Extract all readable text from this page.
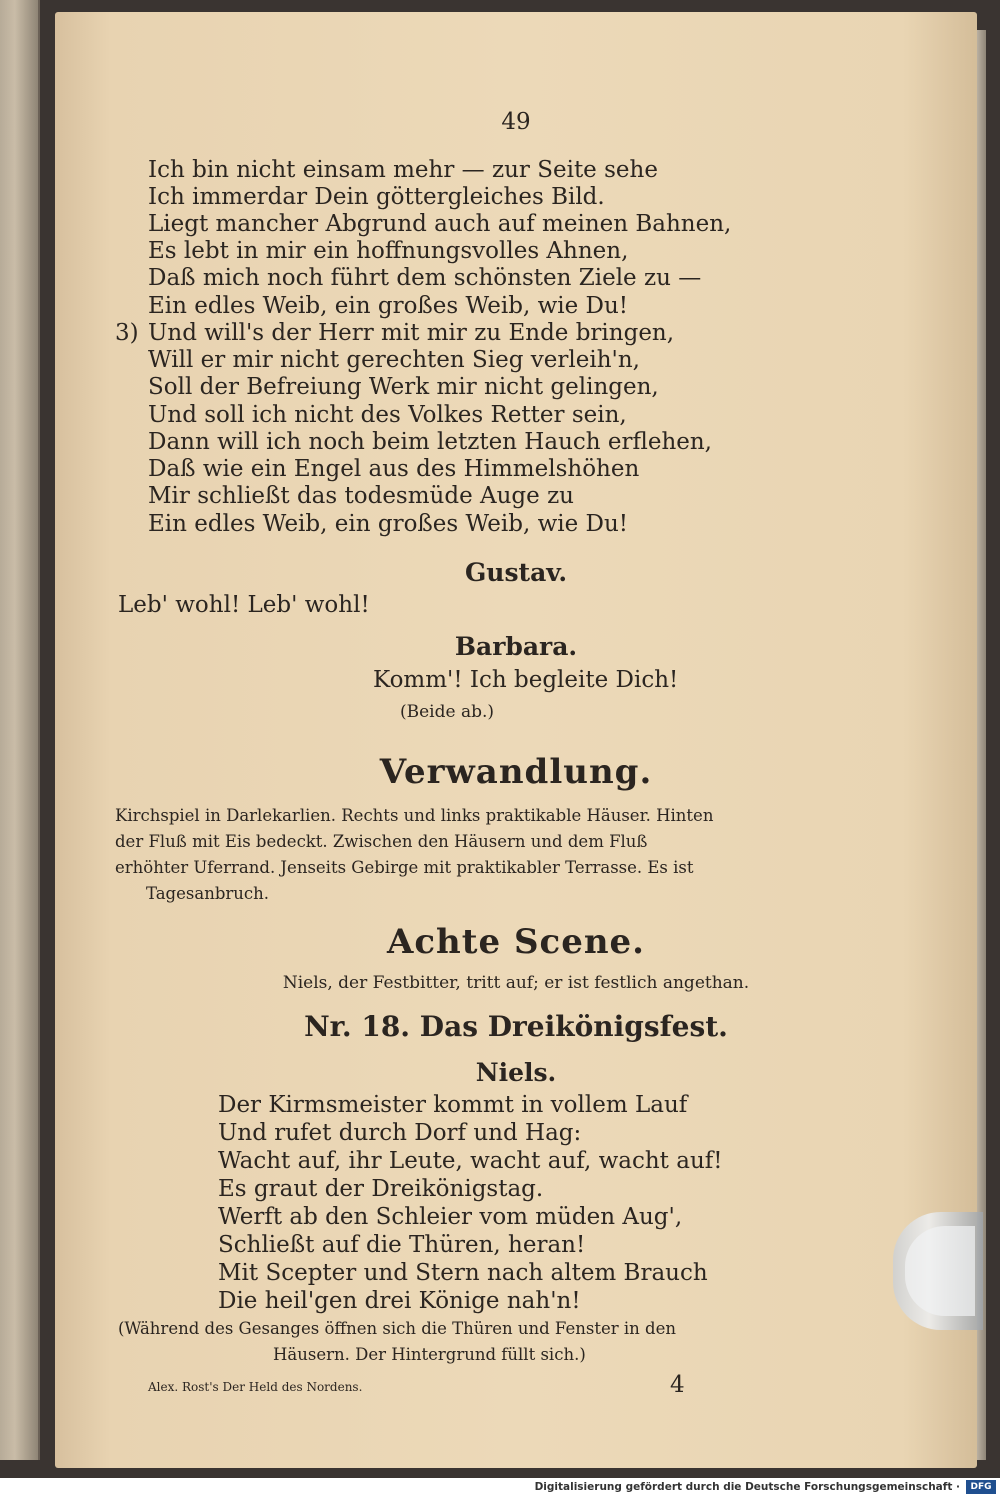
49
Ich bin nicht einsam mehr — zur Seite sehe
Ich immerdar Dein göttergleiches Bild.
Liegt mancher Abgrund auch auf meinen Bahnen,
Es lebt in mir ein hoffnungsvolles Ahnen,
Daß mich noch führt dem schönsten Ziele zu —
Ein edles Weib, ein großes Weib, wie Du!
3) Und will's der Herr mit mir zu Ende bringen,
Will er mir nicht gerechten Sieg verleih'n,
Soll der Befreiung Werk mir nicht gelingen,
Und soll ich nicht des Volkes Retter sein,
Dann will ich noch beim letzten Hauch erflehen,
Daß wie ein Engel aus des Himmelshöhen
Mir schließt das todesmüde Auge zu
Ein edles Weib, ein großes Weib, wie Du!
Gustav.
Leb' wohl! Leb' wohl!
Barbara.
Komm'! Ich begleite Dich!
(Beide ab.)
Verwandlung.
Kirchspiel in Darlekarlien. Rechts und links praktikable Häuser. Hinten
der Fluß mit Eis bedeckt. Zwischen den Häusern und dem Fluß
erhöhter Uferrand. Jenseits Gebirge mit praktikabler Terrasse. Es ist
Tagesanbruch.
Achte Scene.
Niels, der Festbitter, tritt auf; er ist festlich angethan.
Nr. 18. Das Dreikönigsfest.
Niels.
Der Kirmsmeister kommt in vollem Lauf
Und rufet durch Dorf und Hag:
Wacht auf, ihr Leute, wacht auf, wacht auf!
Es graut der Dreikönigstag.
Werft ab den Schleier vom müden Aug',
Schließt auf die Thüren, heran!
Mit Scepter und Stern nach altem Brauch
Die heil'gen drei Könige nah'n!
(Während des Gesanges öffnen sich die Thüren und Fenster in den
Häusern. Der Hintergrund füllt sich.)
Alex. Rost's Der Held des Nordens.	4
Digitalisierung gefördert durch die Deutsche Forschungsgemeinschaft ·	DFG
